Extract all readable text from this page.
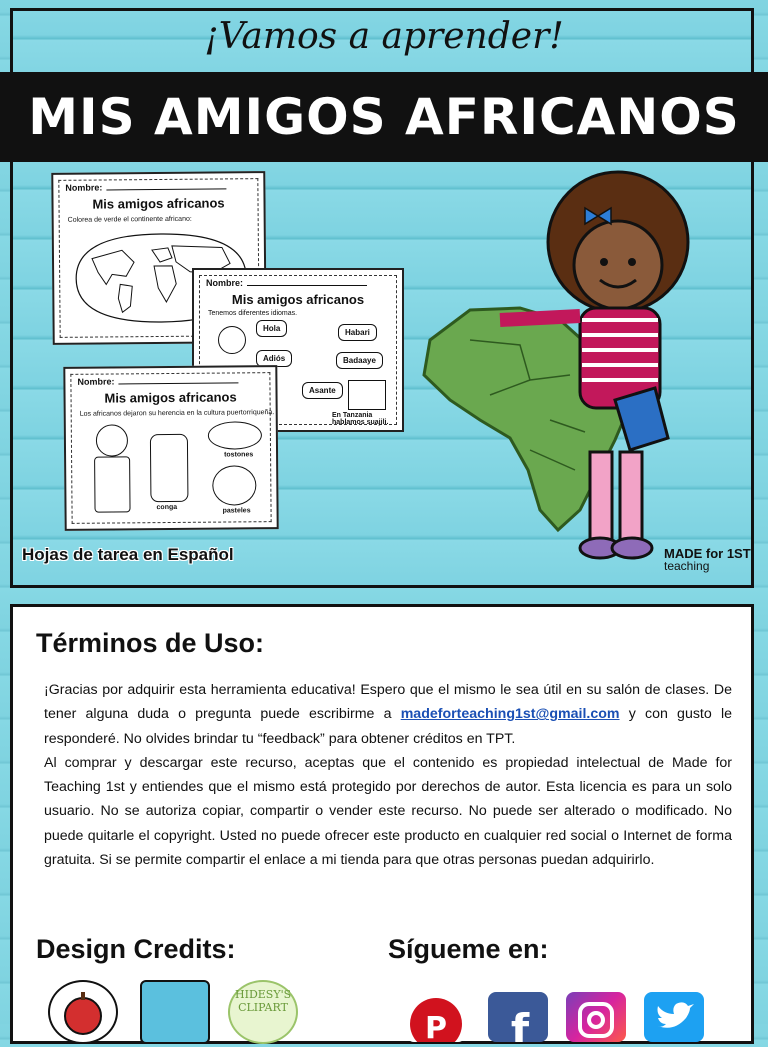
¡Vamos a aprender!
MIS AMIGOS AFRICANOS
Nombre:
Mis amigos africanos
Colorea de verde el continente africano:
Nombre:
Mis amigos africanos
Tenemos diferentes idiomas.
Hola	Habari
Adiós	Badaaye
Asante
En Tanzania hablamos suajili.
Nombre:
Mis amigos africanos
Los africanos dejaron su herencia en la cultura puertorriqueña.
tostones
conga	pasteles
Hojas de tarea en Español	MADE for 1ST
teaching
Términos de Uso:

¡Gracias por adquirir esta herramienta educativa! Espero que el mismo le sea útil en su salón de clases. De tener alguna duda o pregunta puede escribirme a madeforteaching1st@gmail.com y con gusto le responderé. No olvides brindar tu “feedback” para obtener créditos en TPT.

Al comprar y descargar este recurso, aceptas que el contenido es propiedad intelectual de Made for Teaching 1st y entiendes que el mismo está protegido por derechos de autor. Esta licencia es para un solo usuario. No se autoriza copiar, compartir o vender este recurso. No puede ser alterado o modificado. No puede quitarle el copyright. Usted no puede ofrecer este producto en cualquier red social o Internet de forma gratuita. Si se permite compartir el enlace a mi tienda para que otras personas puedan adquirirlo.

Design Credits:
HIDESY'S CLIPART
Sígueme en:
P f
